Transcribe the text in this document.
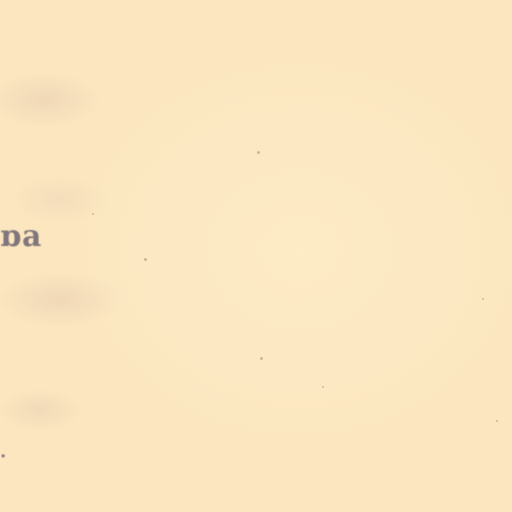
ɒa
·
